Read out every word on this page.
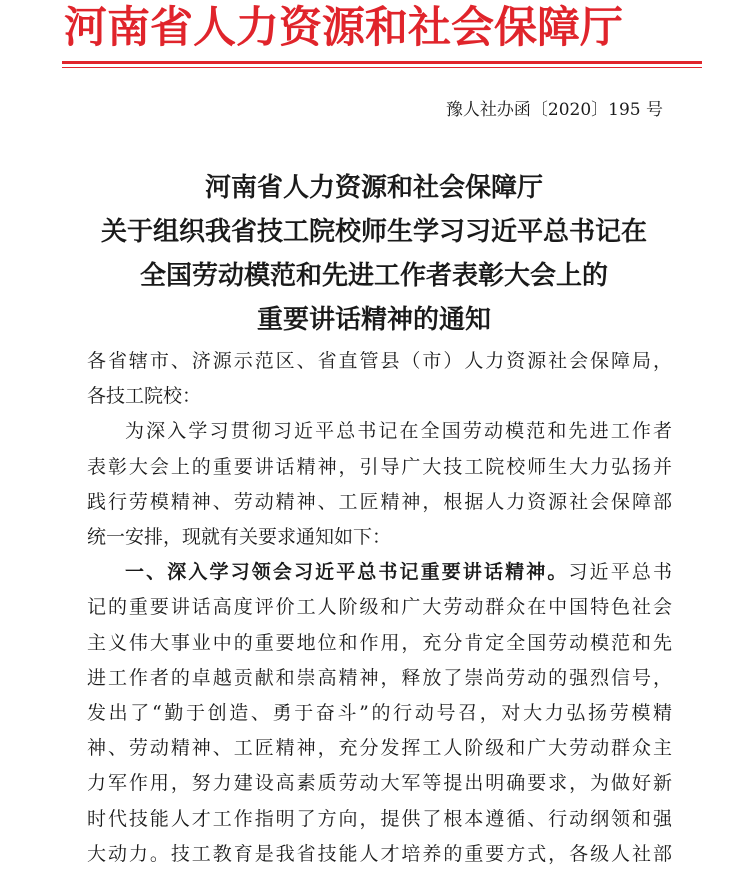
河南省人力资源和社会保障厅
豫人社办函〔2020〕195 号
河南省人力资源和社会保障厅
关于组织我省技工院校师生学习习近平总书记在
全国劳动模范和先进工作者表彰大会上的
重要讲话精神的通知
各省辖市、济源示范区、省直管县（市）人力资源社会保障局，
各技工院校：
为深入学习贯彻习近平总书记在全国劳动模范和先进工作者
表彰大会上的重要讲话精神，引导广大技工院校师生大力弘扬并
践行劳模精神、劳动精神、工匠精神，根据人力资源社会保障部
统一安排，现就有关要求通知如下：
一、深入学习领会习近平总书记重要讲话精神。习近平总书
记的重要讲话高度评价工人阶级和广大劳动群众在中国特色社会
主义伟大事业中的重要地位和作用，充分肯定全国劳动模范和先
进工作者的卓越贡献和崇高精神，释放了崇尚劳动的强烈信号，
发出了“勤于创造、勇于奋斗”的行动号召，对大力弘扬劳模精
神、劳动精神、工匠精神，充分发挥工人阶级和广大劳动群众主
力军作用，努力建设高素质劳动大军等提出明确要求，为做好新
时代技能人才工作指明了方向，提供了根本遵循、行动纲领和强
大动力。技工教育是我省技能人才培养的重要方式，各级人社部
